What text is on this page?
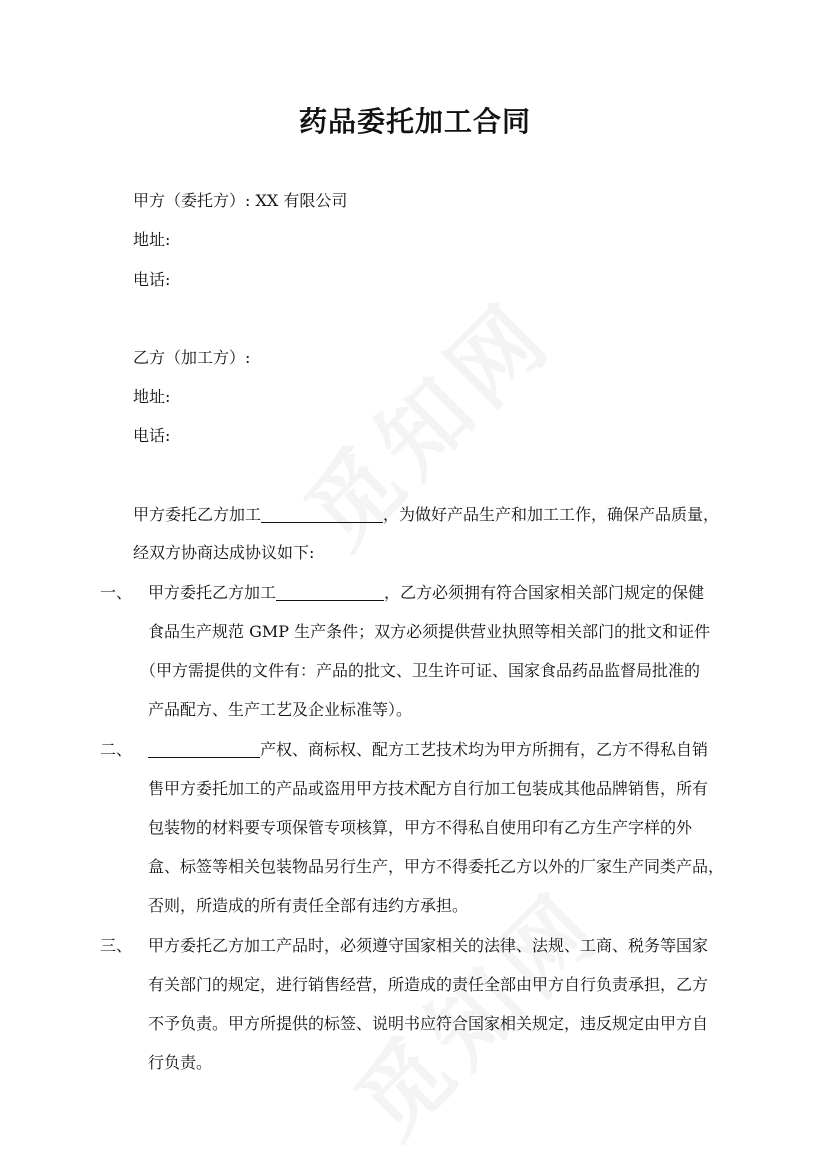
药品委托加工合同
甲方（委托方）: XX 有限公司
地址:
电话:
乙方（加工方）:
地址:
电话:
甲方委托乙方加工	，为做好产品生产和加工工作，确保产品质量，
经双方协商达成协议如下:
一、 甲方委托乙方加工	，乙方必须拥有符合国家相关部门规定的保健
食品生产规范 GMP 生产条件；双方必须提供营业执照等相关部门的批文和证件
（甲方需提供的文件有：产品的批文、卫生许可证、国家食品药品监督局批准的
产品配方、生产工艺及企业标准等）。
二、	产权、商标权、配方工艺技术均为甲方所拥有，乙方不得私自销
售甲方委托加工的产品或盗用甲方技术配方自行加工包装成其他品牌销售，所有
包装物的材料要专项保管专项核算，甲方不得私自使用印有乙方生产字样的外
盒、标签等相关包装物品另行生产，甲方不得委托乙方以外的厂家生产同类产品，
否则，所造成的所有责任全部有违约方承担。
三、 甲方委托乙方加工产品时，必须遵守国家相关的法律、法规、工商、税务等国家
有关部门的规定，进行销售经营，所造成的责任全部由甲方自行负责承担，乙方
不予负责。甲方所提供的标签、说明书应符合国家相关规定，违反规定由甲方自
行负责。
